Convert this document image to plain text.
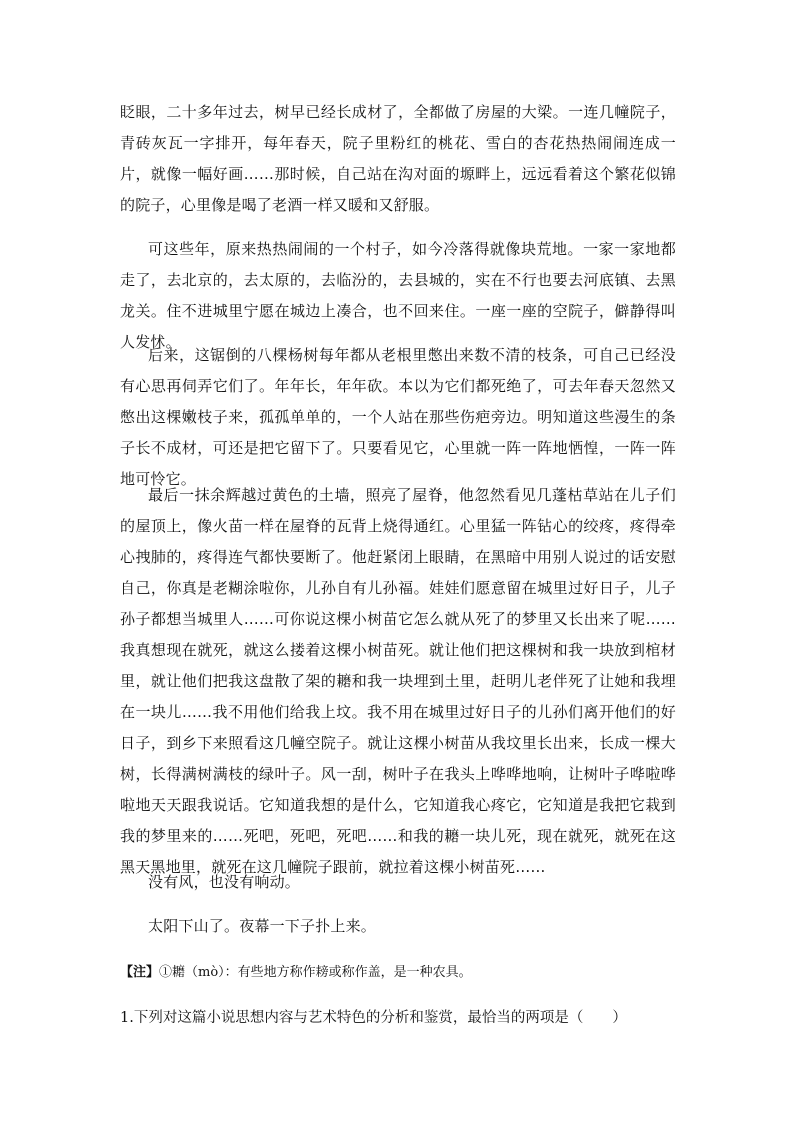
眨眼，二十多年过去，树早已经长成材了，全都做了房屋的大梁。一连几幢院子，青砖灰瓦一字排开，每年春天，院子里粉红的桃花、雪白的杏花热热闹闹连成一片，就像一幅好画……那时候，自己站在沟对面的塬畔上，远远看着这个繁花似锦的院子，心里像是喝了老酒一样又暖和又舒服。

可这些年，原来热热闹闹的一个村子，如今冷落得就像块荒地。一家一家地都走了，去北京的，去太原的，去临汾的，去县城的，实在不行也要去河底镇、去黑龙关。住不进城里宁愿在城边上凑合，也不回来住。一座一座的空院子，僻静得叫人发怵。

后来，这锯倒的八棵杨树每年都从老根里憋出来数不清的枝条，可自己已经没有心思再伺弄它们了。年年长，年年砍。本以为它们都死绝了，可去年春天忽然又憋出这棵嫩枝子来，孤孤单单的，一个人站在那些伤疤旁边。明知道这些漫生的条子长不成材，可还是把它留下了。只要看见它，心里就一阵一阵地恓惶，一阵一阵地可怜它。

最后一抹余辉越过黄色的土墙，照亮了屋脊，他忽然看见几蓬枯草站在儿子们的屋顶上，像火苗一样在屋脊的瓦背上烧得通红。心里猛一阵钻心的绞疼，疼得牵心拽肺的，疼得连气都快要断了。他赶紧闭上眼睛，在黑暗中用别人说过的话安慰自己，你真是老糊涂啦你，儿孙自有儿孙福。娃娃们愿意留在城里过好日子，儿子孙子都想当城里人……可你说这棵小树苗它怎么就从死了的梦里又长出来了呢……我真想现在就死，就这么搂着这棵小树苗死。就让他们把这棵树和我一块放到棺材里，就让他们把我这盘散了架的耱和我一块埋到土里，赶明儿老伴死了让她和我埋在一块儿……我不用他们给我上坟。我不用在城里过好日子的儿孙们离开他们的好日子，到乡下来照看这几幢空院子。就让这棵小树苗从我坟里长出来，长成一棵大树，长得满树满枝的绿叶子。风一刮，树叶子在我头上哗哗地响，让树叶子哗啦哗啦地天天跟我说话。它知道我想的是什么，它知道我心疼它，它知道是我把它栽到我的梦里来的……死吧，死吧，死吧……和我的耱一块儿死，现在就死，就死在这黑天黑地里，就死在这几幢院子跟前，就拉着这棵小树苗死……

没有风，也没有响动。

太阳下山了。夜幕一下子扑上来。

【注】①耱（mò）：有些地方称作耪或称作盖，是一种农具。

1.下列对这篇小说思想内容与艺术特色的分析和鉴赏，最恰当的两项是（　　）
